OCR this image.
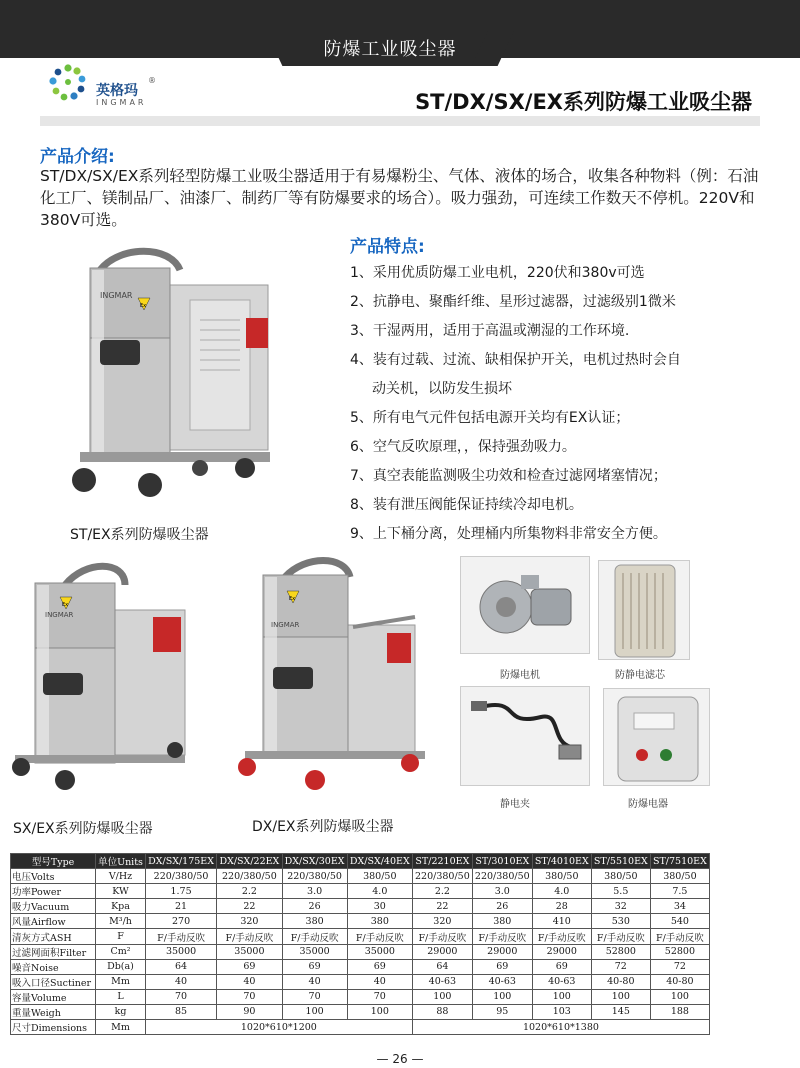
防爆工业吸尘器
英格玛
INGMAR
®
ST/DX/SX/EX系列防爆工业吸尘器
产品介绍:
ST/DX/SX/EX系列轻型防爆工业吸尘器适用于有易爆粉尘、气体、液体的场合，收集各种物料（例：石油化工厂、镁制品厂、油漆厂、制药厂等有防爆要求的场合）。吸力强劲，可连续工作数天不停机。220V和380V可选。
产品特点:
1、采用优质防爆工业电机，220伏和380v可选
2、抗静电、聚酯纤维、星形过滤器，过滤级别1微米
3、干湿两用，适用于高温或潮湿的工作环境.
4、装有过载、过流、缺相保护开关，电机过热时会自
动关机，以防发生损坏
5、所有电气元件包括电源开关均有EX认证；
6、空气反吹原理，，保持强劲吸力。
7、真空表能监测吸尘功效和检查过滤网堵塞情况；
8、装有泄压阀能保证持续冷却电机。
9、上下桶分离，处理桶内所集物料非常安全方便。
INGMAR
Ex
ST/EX系列防爆吸尘器
INGMAR
Ex
SX/EX系列防爆吸尘器
INGMAR
Ex
DX/EX系列防爆吸尘器
防爆电机	防静电滤芯
静电夹	防爆电器
型号Type	单位Units	DX/SX/175EX	DX/SX/22EX	DX/SX/30EX	DX/SX/40EX	ST/2210EX	ST/3010EX	ST/4010EX	ST/5510EX	ST/7510EX
电压Volts	V/Hz	220/380/50	220/380/50	220/380/50	380/50	220/380/50	220/380/50	380/50	380/50	380/50
功率Power	KW	1.75	2.2	3.0	4.0	2.2	3.0	4.0	5.5	7.5
吸力Vacuum	Kpa	21	22	26	30	22	26	28	32	34
风量Airflow	M³/h	270	320	380	380	320	380	410	530	540
清灰方式ASH	F	F/手动反吹	F/手动反吹	F/手动反吹	F/手动反吹	F/手动反吹	F/手动反吹	F/手动反吹	F/手动反吹	F/手动反吹
过滤网面积Filter	Cm²	35000	35000	35000	35000	29000	29000	29000	52800	52800
噪音Noise	Db(a)	64	69	69	69	64	69	69	72	72
吸入口径Suctiner	Mm	40	40	40	40	40-63	40-63	40-63	40-80	40-80
容量Volume	L	70	70	70	70	100	100	100	100	100
重量Weigh	kg	85	90	100	100	88	95	103	145	188
尺寸Dimensions	Mm	1020*610*1200				1020*610*1380				
— 26 —
